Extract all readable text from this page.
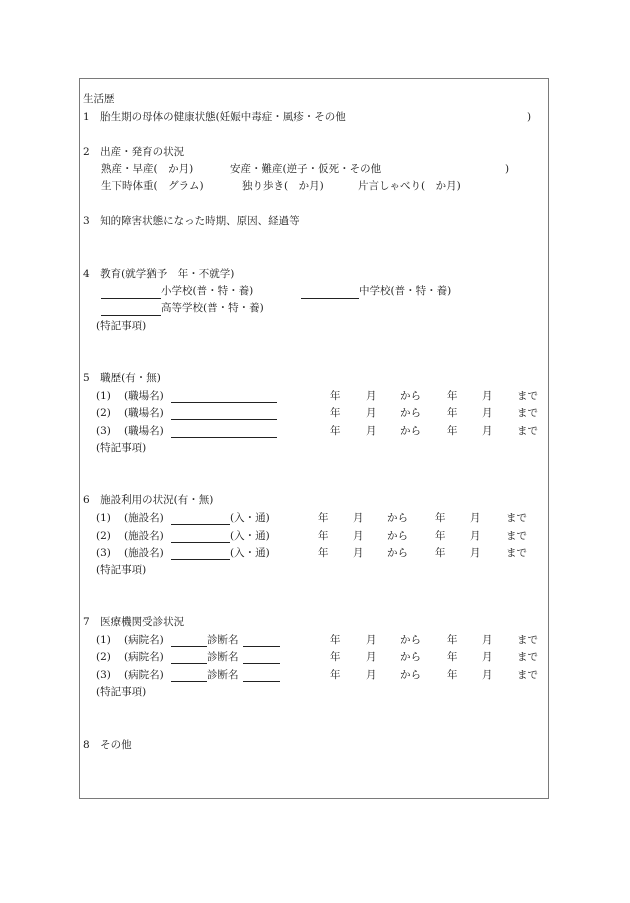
生活歴
1　胎生期の母体の健康状態(妊娠中毒症・風疹・その他	)
2　出産・発育の状況
熟産・早産(　か月)	安産・難産(逆子・仮死・その他	)
生下時体重(　グラム)	独り歩き(　か月)	片言しゃべり(　か月)
3　知的障害状態になった時期、原因、経過等
4　教育(就学猶予　年・不就学)
小学校(普・特・養)	中学校(普・特・養)
高等学校(普・特・養)
(特記事項)
5　職歴(有・無)
(1) (職場名)	年 月 から 年 月 まで
(2) (職場名)	年 月 から 年 月 まで
(3) (職場名)	年 月 から 年 月 まで
(特記事項)
6　施設利用の状況(有・無)
(1) (施設名)	(入・通)	年 月 から	年 月 まで
(2) (施設名)	(入・通)	年 月 から	年 月 まで
(3) (施設名)	(入・通)	年 月 から	年 月 まで
(特記事項)
7　医療機関受診状況
(1) (病院名)	診断名	年 月 から 年 月 まで
(2) (病院名)	診断名	年 月 から 年 月 まで
(3) (病院名)	診断名	年 月 から 年 月 まで
(特記事項)
8　その他
